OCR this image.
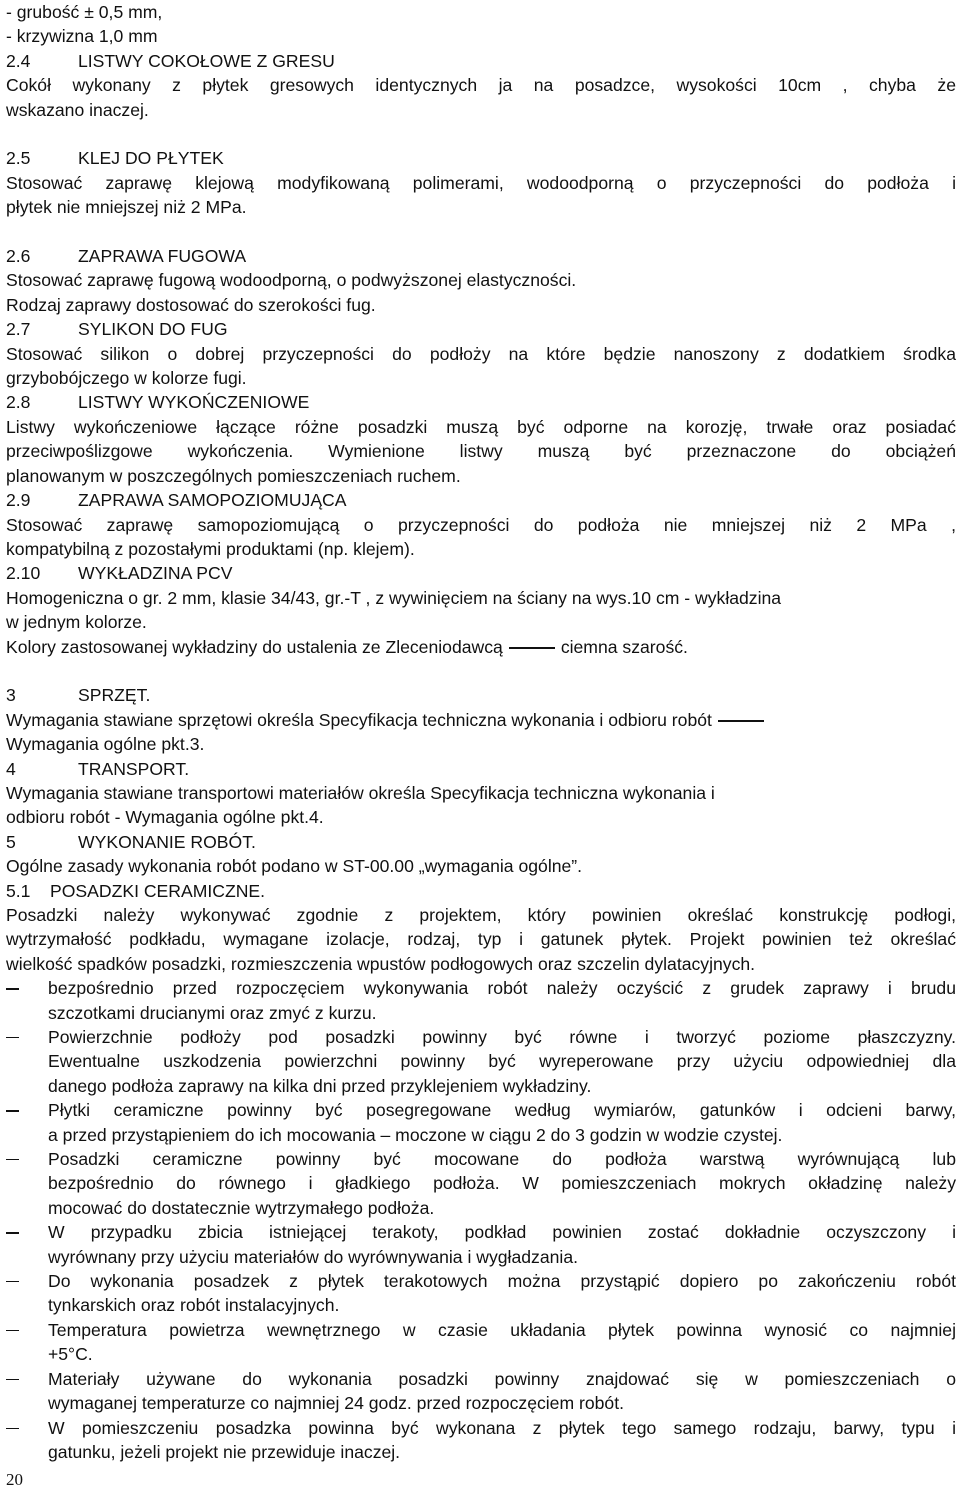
- grubość ± 0,5 mm,
- krzywizna 1,0 mm
2.4	LISTWY COKOŁOWE Z GRESU
Cokół wykonany z płytek gresowych identycznych ja na posadzce, wysokości 10cm , chyba że
wskazano inaczej.
2.5	KLEJ DO PŁYTEK
Stosować zaprawę klejową modyfikowaną polimerami, wodoodporną o przyczepności do podłoża i
płytek nie mniejszej niż 2 MPa.
2.6	ZAPRAWA FUGOWA
Stosować zaprawę fugową wodoodporną, o podwyższonej elastyczności.
Rodzaj zaprawy dostosować do szerokości fug.
2.7	SYLIKON DO FUG
Stosować silikon o dobrej przyczepności do podłoży na które będzie nanoszony z dodatkiem środka
grzybobójczego w kolorze fugi.
2.8	LISTWY WYKOŃCZENIOWE
Listwy wykończeniowe łączące różne posadzki muszą być odporne na korozję, trwałe oraz posiadać
przeciwpoślizgowe wykończenia. Wymienione listwy muszą być przeznaczone do obciążeń
planowanym w poszczególnych pomieszczeniach ruchem.
2.9	ZAPRAWA SAMOPOZIOMUJĄCA
Stosować zaprawę samopoziomującą o przyczepności do podłoża nie mniejszej niż 2 MPa ,
kompatybilną z pozostałymi produktami (np. klejem).
2.10	WYKŁADZINA PCV
Homogeniczna o gr. 2 mm, klasie 34/43, gr.-T , z wywinięciem na ściany na wys.10 cm - wykładzina
w jednym kolorze.
Kolory zastosowanej wykładziny do ustalenia ze Zleceniodawcą	ciemna szarość.
3	SPRZĘT.
Wymagania stawiane sprzętowi określa Specyfikacja techniczna wykonania i odbioru robót
Wymagania ogólne pkt.3.
4	TRANSPORT.
Wymagania stawiane transportowi materiałów określa Specyfikacja techniczna wykonania i
odbioru robót - Wymagania ogólne pkt.4.
5	WYKONANIE ROBÓT.
Ogólne zasady wykonania robót podano w ST-00.00 „wymagania ogólne”.
5.1	POSADZKI CERAMICZNE.
Posadzki należy wykonywać zgodnie z projektem, który powinien określać konstrukcję podłogi,
wytrzymałość podkładu, wymagane izolacje, rodzaj, typ i gatunek płytek. Projekt powinien też określać
wielkość spadków posadzki, rozmieszczenia wpustów podłogowych oraz szczelin dylatacyjnych.
bezpośrednio przed rozpoczęciem wykonywania robót należy oczyścić z grudek zaprawy i brudu
szczotkami drucianymi oraz zmyć z kurzu.
Powierzchnie podłoży pod posadzki powinny być równe i tworzyć poziome płaszczyzny.
Ewentualne uszkodzenia powierzchni powinny być wyreperowane przy użyciu odpowiedniej dla
danego podłoża zaprawy na kilka dni przed przyklejeniem wykładziny.
Płytki ceramiczne powinny być posegregowane według wymiarów, gatunków i odcieni barwy,
a przed przystąpieniem do ich mocowania – moczone w ciągu 2 do 3 godzin w wodzie czystej.
Posadzki ceramiczne powinny być mocowane do podłoża warstwą wyrównującą lub
bezpośrednio do równego i gładkiego podłoża. W pomieszczeniach mokrych okładzinę należy
mocować do dostatecznie wytrzymałego podłoża.
W przypadku zbicia istniejącej terakoty, podkład powinien zostać dokładnie oczyszczony i
wyrównany przy użyciu materiałów do wyrównywania i wygładzania.
Do wykonania posadzek z płytek terakotowych można przystąpić dopiero po zakończeniu robót
tynkarskich oraz robót instalacyjnych.
Temperatura powietrza wewnętrznego w czasie układania płytek powinna wynosić co najmniej
+5°C.
Materiały używane do wykonania posadzki powinny znajdować się w pomieszczeniach o
wymaganej temperaturze co najmniej 24 godz. przed rozpoczęciem robót.
W pomieszczeniu posadzka powinna być wykonana z płytek tego samego rodzaju, barwy, typu i
gatunku, jeżeli projekt nie przewiduje inaczej.
20
